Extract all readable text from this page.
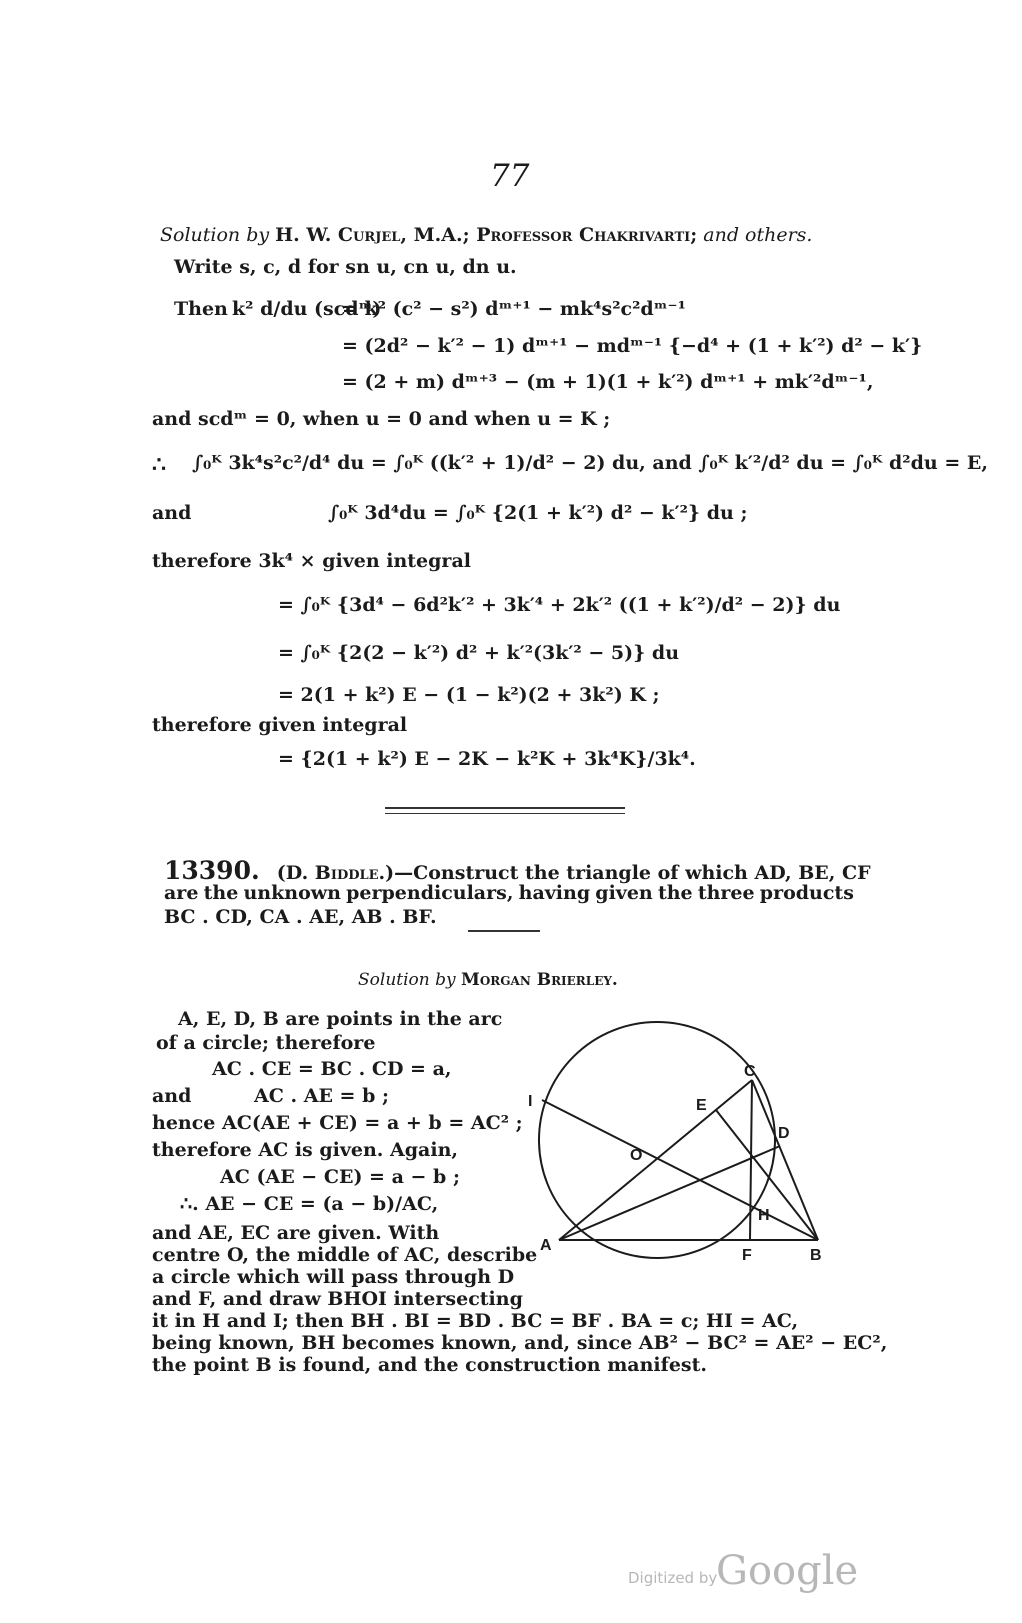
77
Solution by H. W. Curjel, M.A.; Professor Chakrivarti; and others.
Write s, c, d for sn u, cn u, dn u.
Then k² d/du (scdᵐ)
= k² (c² − s²) dᵐ⁺¹ − mk⁴s²c²dᵐ⁻¹
= (2d² − k′² − 1) dᵐ⁺¹ − mdᵐ⁻¹ {−d⁴ + (1 + k′²) d² − k′}
= (2 + m) dᵐ⁺³ − (m + 1)(1 + k′²) dᵐ⁺¹ + mk′²dᵐ⁻¹,
and scdᵐ = 0, when u = 0 and when u = K ;
∴ ∫₀ᴷ 3k⁴s²c²/d⁴ du = ∫₀ᴷ ((k′² + 1)/d² − 2) du, and ∫₀ᴷ k′²/d² du = ∫₀ᴷ d²du = E,
and	∫₀ᴷ 3d⁴du = ∫₀ᴷ {2(1 + k′²) d² − k′²} du ;
therefore 3k⁴ × given integral
= ∫₀ᴷ {3d⁴ − 6d²k′² + 3k′⁴ + 2k′² ((1 + k′²)/d² − 2)} du
= ∫₀ᴷ {2(2 − k′²) d² + k′²(3k′² − 5)} du
= 2(1 + k²) E − (1 − k²)(2 + 3k²) K ;
therefore given integral
= {2(1 + k²) E − 2K − k²K + 3k⁴K}/3k⁴.
13390. (D. Biddle.)—Construct the triangle of which AD, BE, CF
are the unknown perpendiculars, having given the three products
BC . CD, CA . AE, AB . BF.
Solution by Morgan Brierley.
A, E, D, B are points in the arc
of a circle; therefore
AC . CE = BC . CD = a,
and	AC . AE = b ;
hence AC(AE + CE) = a + b = AC² ;
therefore AC is given. Again,
AC (AE − CE) = a − b ;
∴. AE − CE = (a − b)/AC,
and AE, EC are given. With
centre O, the middle of AC, describe
a circle which will pass through D
and F, and draw BHOI intersecting
it in H and I; then BH . BI = BD . BC = BF . BA = c; HI = AC,
being known, BH becomes known, and, since AB² − BC² = AE² − EC²,
the point B is found, and the construction manifest.
A
B
C
D
E
F
H
I
O
Digitized by
Google
